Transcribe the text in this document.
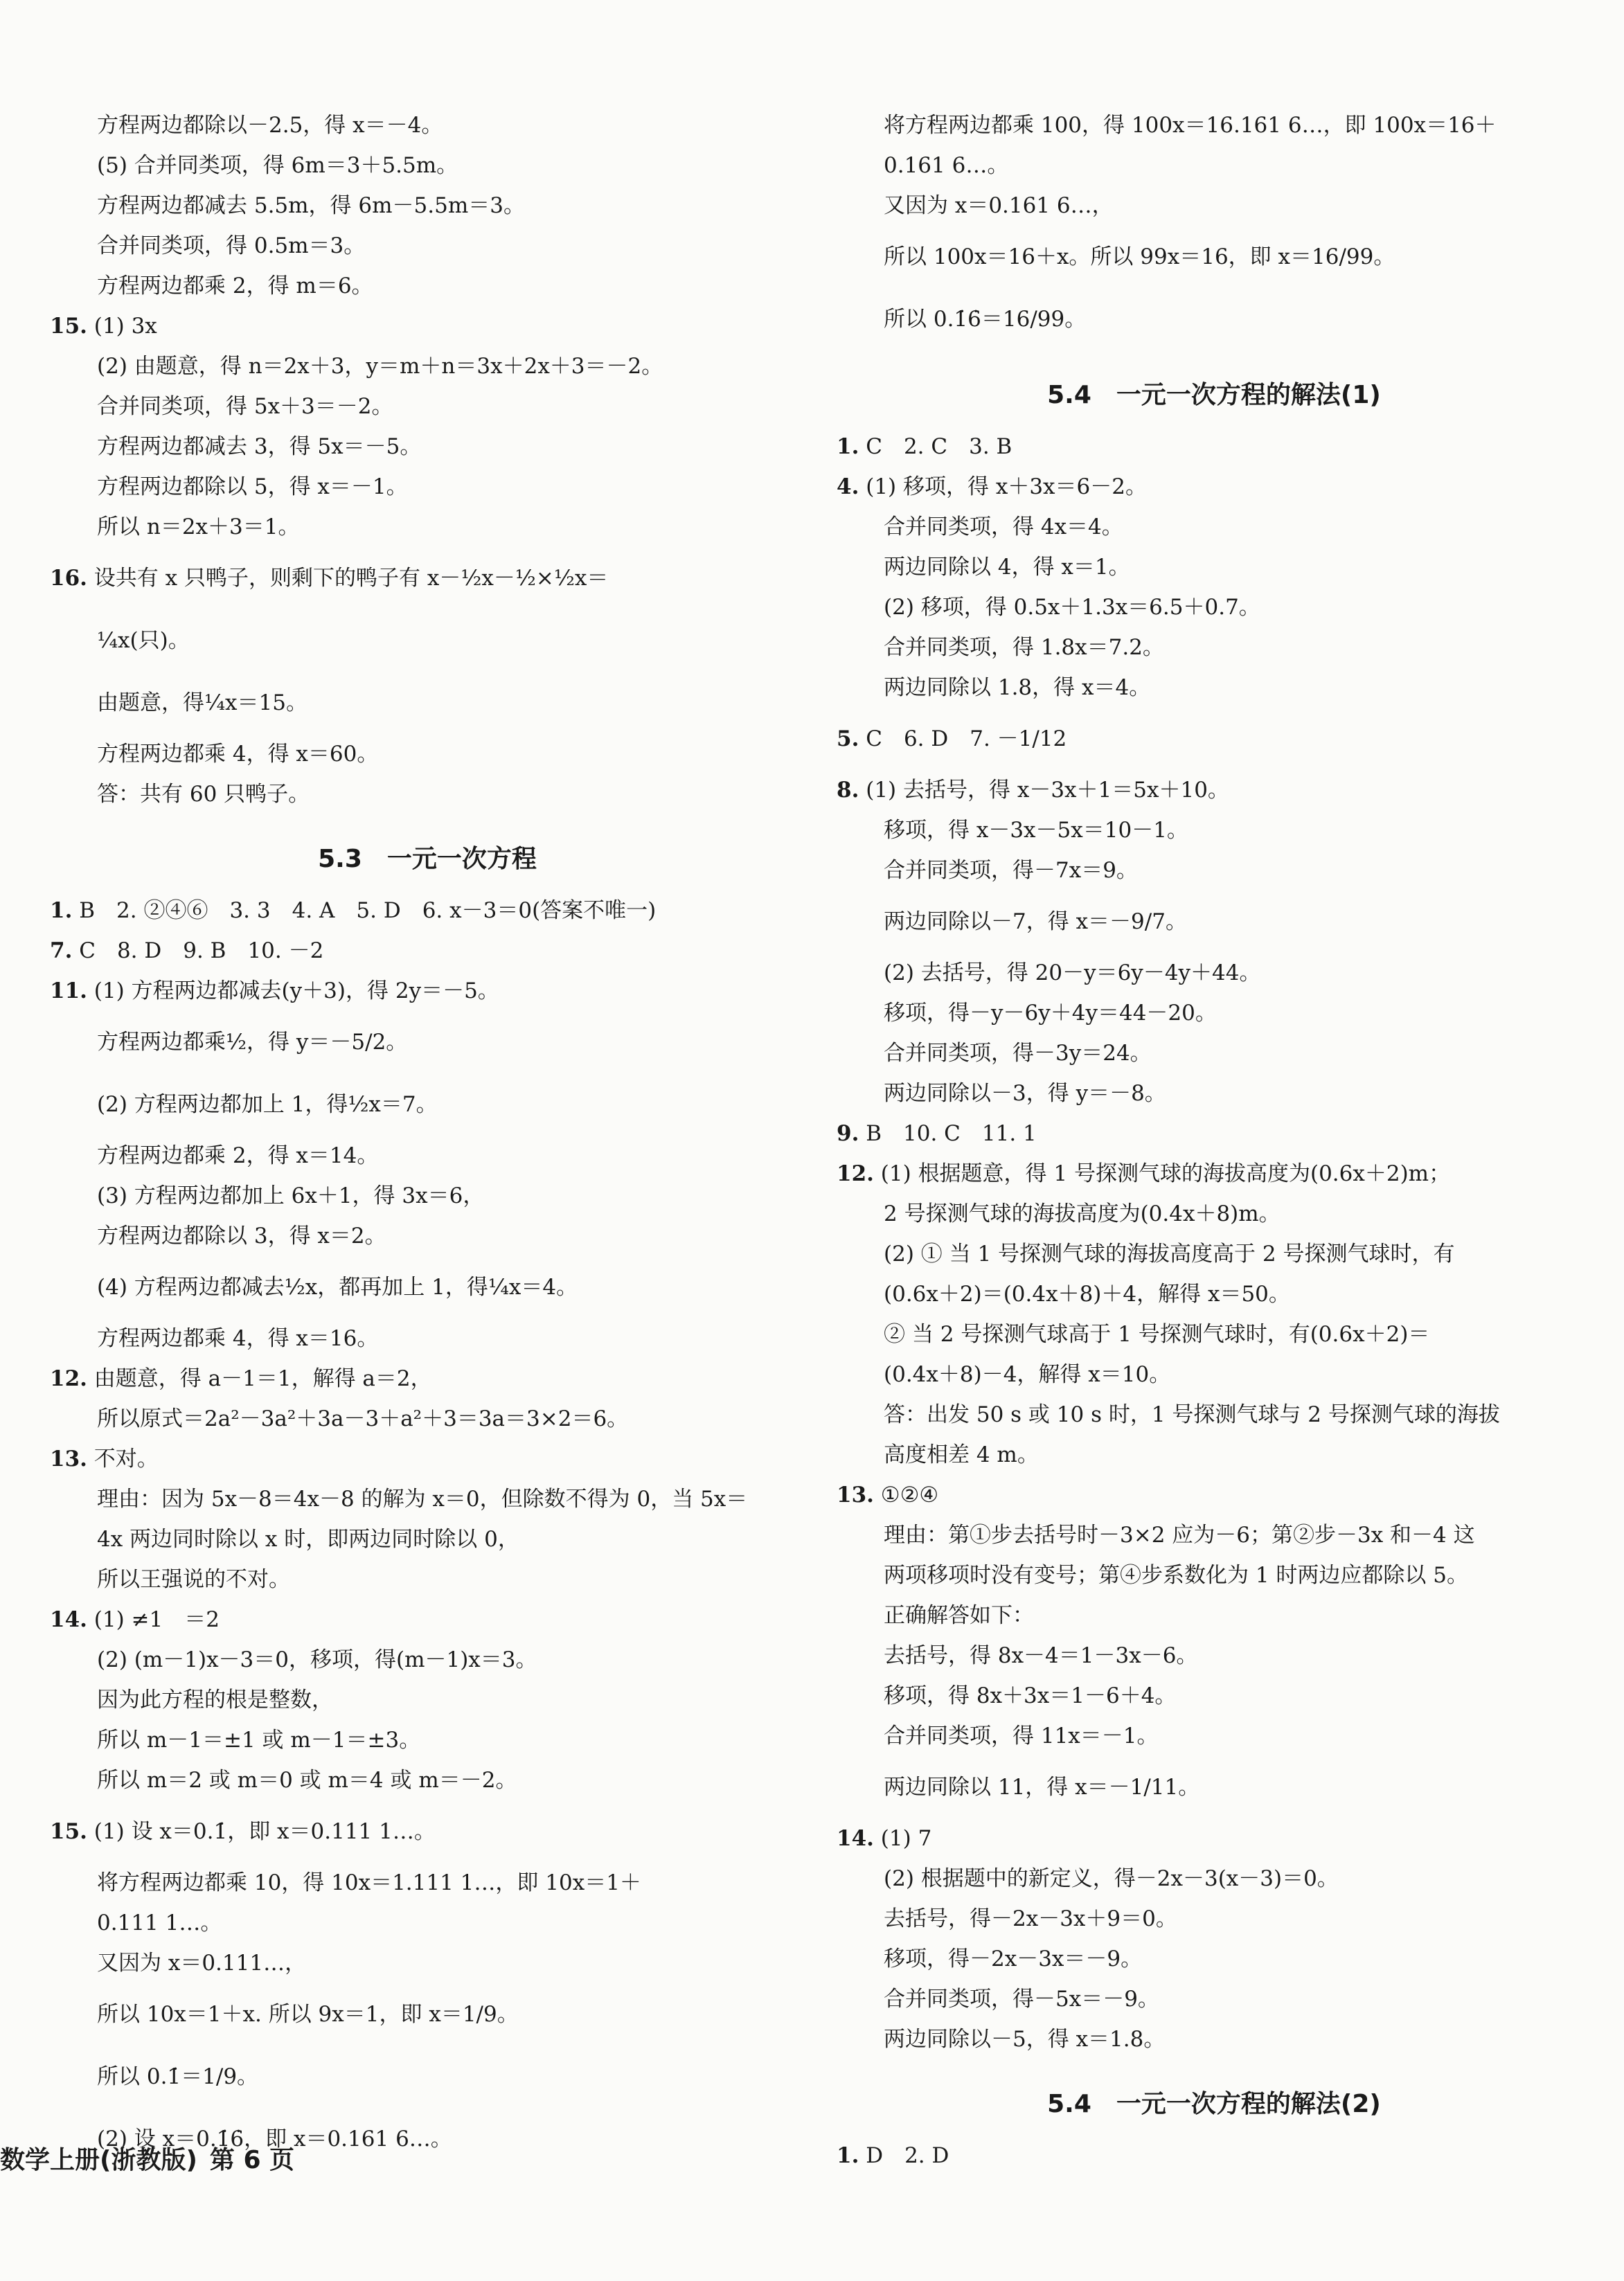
方程两边都除以－2.5，得 x＝－4。
(5) 合并同类项，得 6m＝3＋5.5m。
方程两边都减去 5.5m，得 6m－5.5m＝3。
合并同类项，得 0.5m＝3。
方程两边都乘 2，得 m＝6。
15. (1) 3x
(2) 由题意，得 n＝2x＋3，y＝m＋n＝3x＋2x＋3＝－2。
合并同类项，得 5x＋3＝－2。
方程两边都减去 3，得 5x＝－5。
方程两边都除以 5，得 x＝－1。
所以 n＝2x＋3＝1。
16. 设共有 x 只鸭子，则剩下的鸭子有 x－½x－½×½x＝
¼x(只)。
由题意，得¼x＝15。
方程两边都乘 4，得 x＝60。
答：共有 60 只鸭子。
5.3　一元一次方程
1. B　2. ②④⑥　3. 3　4. A　5. D　6. x－3＝0(答案不唯一)
7. C　8. D　9. B　10. －2
11. (1) 方程两边都减去(y＋3)，得 2y＝－5。
方程两边都乘½，得 y＝－5/2。
(2) 方程两边都加上 1，得½x＝7。
方程两边都乘 2，得 x＝14。
(3) 方程两边都加上 6x＋1，得 3x＝6，
方程两边都除以 3，得 x＝2。
(4) 方程两边都减去½x，都再加上 1，得¼x＝4。
方程两边都乘 4，得 x＝16。
12. 由题意，得 a－1＝1，解得 a＝2，
所以原式＝2a²－3a²＋3a－3＋a²＋3＝3a＝3×2＝6。
13. 不对。
理由：因为 5x－8＝4x－8 的解为 x＝0，但除数不得为 0，当 5x＝
4x 两边同时除以 x 时，即两边同时除以 0，
所以王强说的不对。
14. (1) ≠1　＝2
(2) (m－1)x－3＝0，移项，得(m－1)x＝3。
因为此方程的根是整数，
所以 m－1＝±1 或 m－1＝±3。
所以 m＝2 或 m＝0 或 m＝4 或 m＝－2。
15. (1) 设 x＝0.1̇，即 x＝0.111 1…。
将方程两边都乘 10，得 10x＝1.111 1…，即 10x＝1＋
0.111 1…。
又因为 x＝0.111…，
所以 10x＝1＋x. 所以 9x＝1，即 x＝1/9。
所以 0.1̇＝1/9。
(2) 设 x＝0.1̇6̇，即 x＝0.161 6…。
将方程两边都乘 100，得 100x＝16.161 6…，即 100x＝16＋
0.161 6…。
又因为 x＝0.161 6…，
所以 100x＝16＋x。所以 99x＝16，即 x＝16/99。
所以 0.1̇6̇＝16/99。
5.4　一元一次方程的解法(1)
1. C　2. C　3. B
4. (1) 移项，得 x＋3x＝6－2。
合并同类项，得 4x＝4。
两边同除以 4，得 x＝1。
(2) 移项，得 0.5x＋1.3x＝6.5＋0.7。
合并同类项，得 1.8x＝7.2。
两边同除以 1.8，得 x＝4。
5. C　6. D　7. －1/12
8. (1) 去括号，得 x－3x＋1＝5x＋10。
移项，得 x－3x－5x＝10－1。
合并同类项，得－7x＝9。
两边同除以－7，得 x＝－9/7。
(2) 去括号，得 20－y＝6y－4y＋44。
移项，得－y－6y＋4y＝44－20。
合并同类项，得－3y＝24。
两边同除以－3，得 y＝－8。
9. B　10. C　11. 1
12. (1) 根据题意，得 1 号探测气球的海拔高度为(0.6x＋2)m；
2 号探测气球的海拔高度为(0.4x＋8)m。
(2) ① 当 1 号探测气球的海拔高度高于 2 号探测气球时，有
(0.6x＋2)＝(0.4x＋8)＋4，解得 x＝50。
② 当 2 号探测气球高于 1 号探测气球时，有(0.6x＋2)＝
(0.4x＋8)－4，解得 x＝10。
答：出发 50 s 或 10 s 时，1 号探测气球与 2 号探测气球的海拔
高度相差 4 m。
13. ①②④
理由：第①步去括号时－3×2 应为－6；第②步－3x 和－4 这
两项移项时没有变号；第④步系数化为 1 时两边应都除以 5。
正确解答如下：
去括号，得 8x－4＝1－3x－6。
移项，得 8x＋3x＝1－6＋4。
合并同类项，得 11x＝－1。
两边同除以 11，得 x＝－1/11。
14. (1) 7
(2) 根据题中的新定义，得－2x－3(x－3)＝0。
去括号，得－2x－3x＋9＝0。
移项，得－2x－3x＝－9。
合并同类项，得－5x＝－9。
两边同除以－5，得 x＝1.8。
5.4　一元一次方程的解法(2)
1. D　2. D
数学上册(浙教版) 第 6 页
